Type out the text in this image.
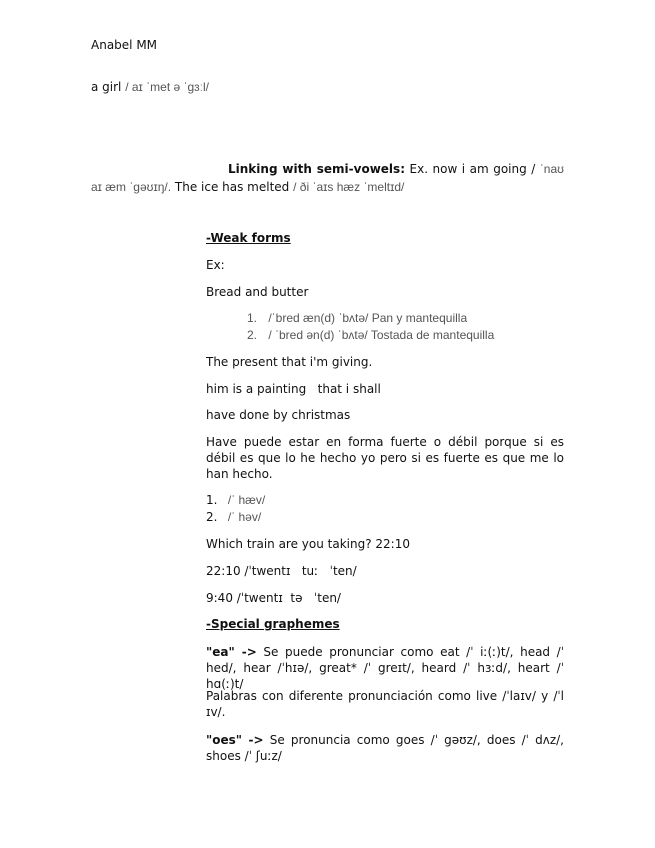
Anabel MM
a girl / aɪ ˈmet ə ˈgɜːl/
Linking with semi-vowels: Ex. now i am going / ˈnaʊ aɪ æm ˈgəʊɪŋ/. The ice has melted / ði ˈaɪs hæz ˈmeltɪd/
-Weak forms
Ex:
Bread and butter
1. /ˈbred æn(d) ˈbʌtə/ Pan y mantequilla
2. / ˈbred ən(d) ˈbʌtə/ Tostada de mantequilla
The present that i'm giving.
him is a painting   that i shall
have done by christmas
Have puede estar en forma fuerte o débil porque si es débil es que lo he hecho yo pero si es fuerte es que me lo han hecho.
1. /ˈ hæv/
2. /ˈ həv/
Which train are you taking? 22:10
22:10 /ˈtwentɪ   tuː   ˈten/
9:40 /ˈtwentɪ  tə   ˈten/
-Special graphemes
"ea" -> Se puede pronunciar como eat /ˈ iː(ː)t/, head /ˈ hed/, hear /ˈhɪə/, great* /ˈ greɪt/, heard /ˈ hɜːd/, heart /ˈ hɑ(ː)t/
Palabras con diferente pronunciación como live /ˈlaɪv/ y /ˈl ɪv/.
"oes" -> Se pronuncia como goes /ˈ gəʊz/, does /ˈ dʌz/, shoes /ˈ ʃuːz/
